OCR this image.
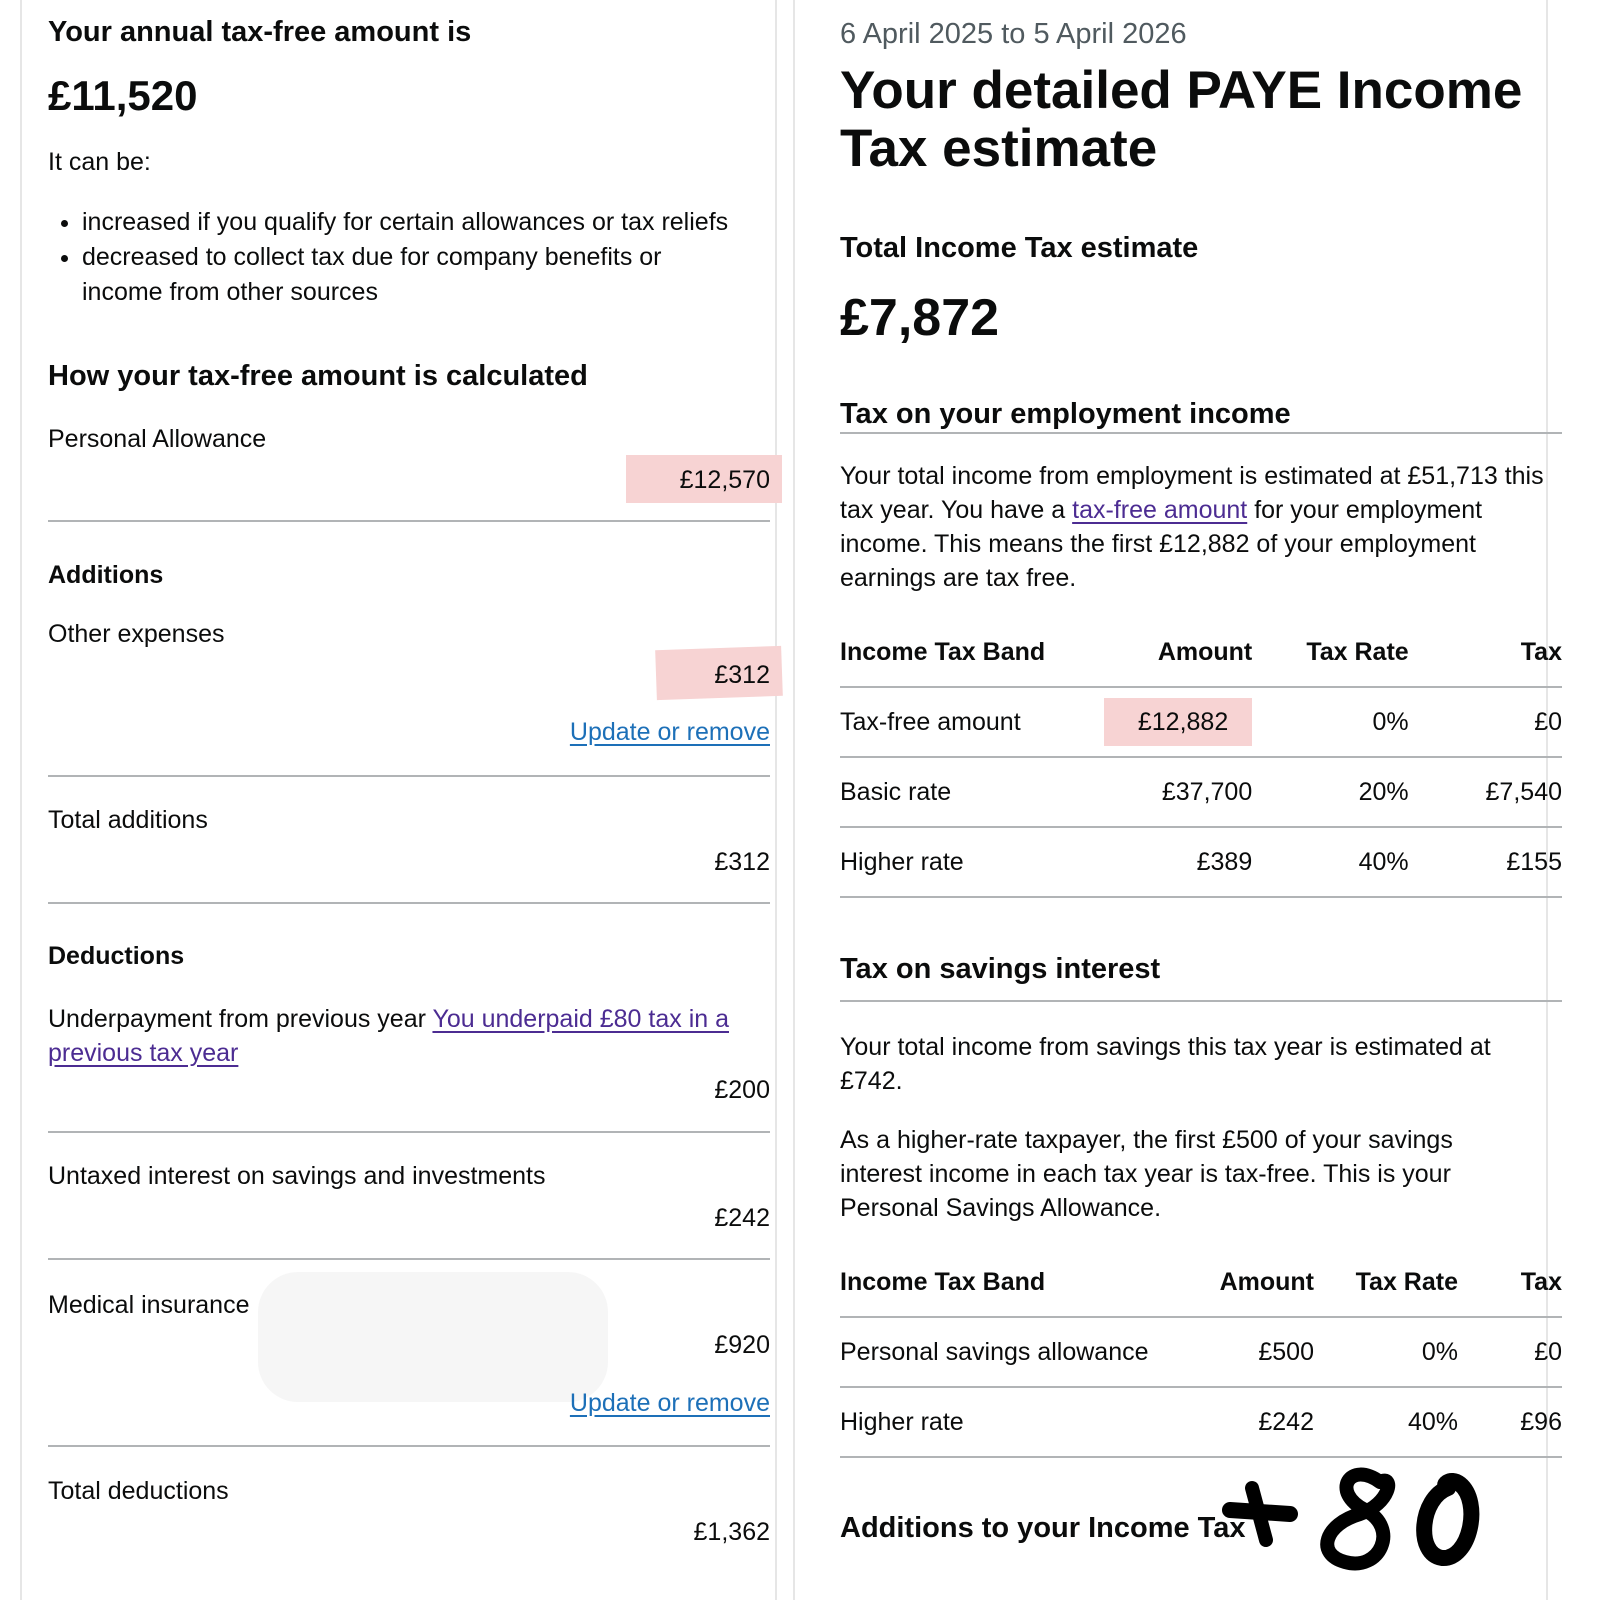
Your annual tax-free amount is
£11,520
It can be:
• increased if you qualify for certain allowances or tax reliefs
• decreased to collect tax due for company benefits or income from other sources
How your tax-free amount is calculated
Personal Allowance
£12,570
Additions
Other expenses
£312
Update or remove
Total additions
£312
Deductions
Underpayment from previous year You underpaid £80 tax in a previous tax year
£200
Untaxed interest on savings and investments
£242
Medical insurance
£920
Update or remove
Total deductions
£1,362
6 April 2025 to 5 April 2026
Your detailed PAYE Income Tax estimate
Total Income Tax estimate
£7,872
Tax on your employment income

Your total income from employment is estimated at £51,713 this tax year. You have a tax-free amount for your employment income. This means the first £12,882 of your employment earnings are tax free.

Income Tax Band	Amount	Tax Rate	Tax
Tax-free amount	£12,882	0%	£0
Basic rate	£37,700	20%	£7,540
Higher rate	£389	40%	£155
Tax on savings interest

Your total income from savings this tax year is estimated at £742.

As a higher-rate taxpayer, the first £500 of your savings interest income in each tax year is tax-free. This is your Personal Savings Allowance.

Income Tax Band	Amount	Tax Rate	Tax
Personal savings allowance	£500	0%	£0
Higher rate	£242	40%	£96
Additions to your Income Tax
